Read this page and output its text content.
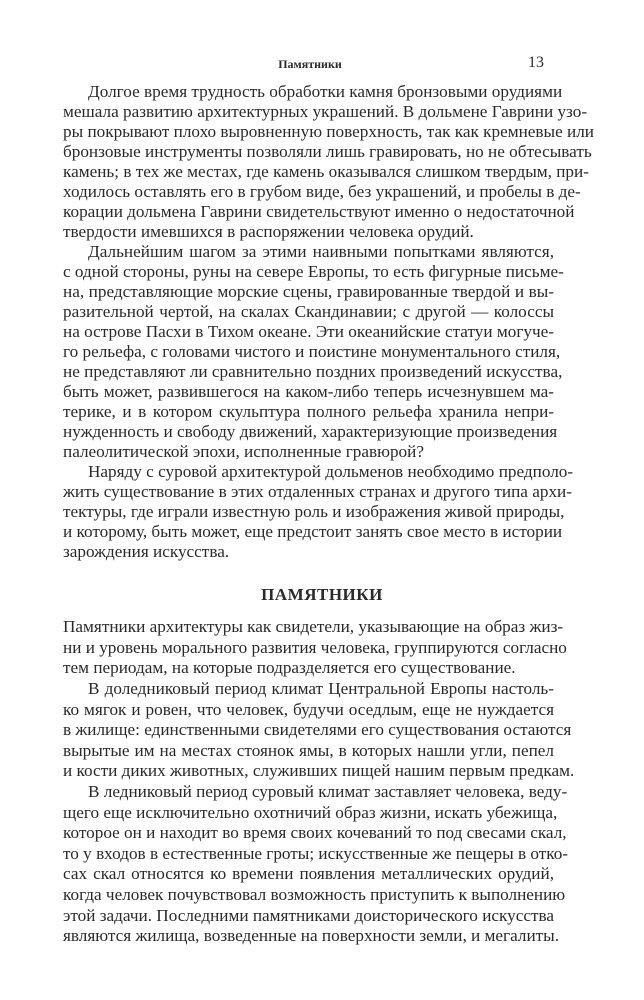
Памятники	13
Долгое время трудность обработки камня бронзовыми орудиями
мешала развитию архитектурных украшений. В дольмене Гаврини узо-
ры покрывают плохо выровненную поверхность, так как кремневые или
бронзовые инструменты позволяли лишь гравировать, но не обтесывать
камень; в тех же местах, где камень оказывался слишком твердым, при-
ходилось оставлять его в грубом виде, без украшений, и пробелы в де-
корации дольмена Гаврини свидетельствуют именно о недостаточной
твердости имевшихся в распоряжении человека орудий.
Дальнейшим шагом за этими наивными попытками являются,
с одной стороны, руны на севере Европы, то есть фигурные письме-
на, представляющие морские сцены, гравированные твердой и вы-
разительной чертой, на скалах Скандинавии; с другой — колоссы
на острове Пасхи в Тихом океане. Эти океанийские статуи могуче-
го рельефа, с головами чистого и поистине монументального стиля,
не представляют ли сравнительно поздних произведений искусства,
быть может, развившегося на каком-либо теперь исчезнувшем ма-
терике, и в котором скульптура полного рельефа хранила непри-
нужденность и свободу движений, характеризующие произведения
палеолитической эпохи, исполненные гравюрой?
Наряду с суровой архитектурой дольменов необходимо предполо-
жить существование в этих отдаленных странах и другого типа архи-
тектуры, где играли известную роль и изображения живой природы,
и которому, быть может, еще предстоит занять свое место в истории
зарождения искусства.
ПАМЯТНИКИ
Памятники архитектуры как свидетели, указывающие на образ жиз-
ни и уровень морального развития человека, группируются согласно
тем периодам, на которые подразделяется его существование.
В доледниковый период климат Центральной Европы настоль-
ко мягок и ровен, что человек, будучи оседлым, еще не нуждается
в жилище: единственными свидетелями его существования остаются
вырытые им на местах стоянок ямы, в которых нашли угли, пепел
и кости диких животных, служивших пищей нашим первым предкам.
В ледниковый период суровый климат заставляет человека, веду-
щего еще исключительно охотничий образ жизни, искать убежища,
которое он и находит во время своих кочеваний то под свесами скал,
то у входов в естественные гроты; искусственные же пещеры в отко-
сах скал относятся ко времени появления металлических орудий,
когда человек почувствовал возможность приступить к выполнению
этой задачи. Последними памятниками доисторического искусства
являются жилища, возведенные на поверхности земли, и мегалиты.
